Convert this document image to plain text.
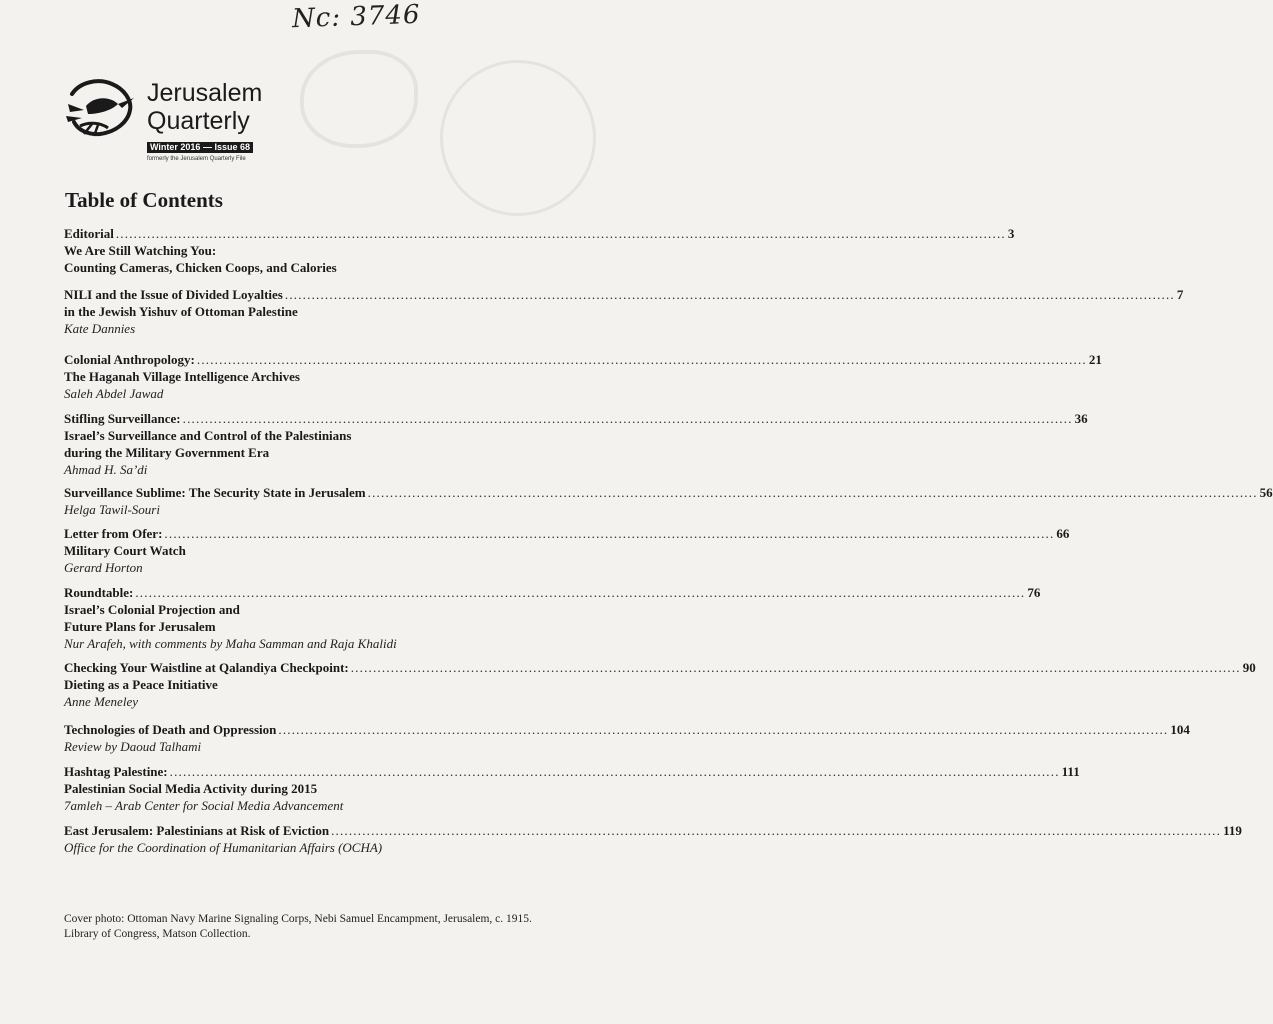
Nc: 3746
Jerusalem
Quarterly
Winter 2016 — Issue 68
formerly the Jerusalem Quarterly File
Table of Contents
Editorial ........................................................................................................................................................................................................ 3
We Are Still Watching You:
Counting Cameras, Chicken Coops, and Calories
NILI and the Issue of Divided Loyalties ........................................................................................................................................................................................................ 7
in the Jewish Yishuv of Ottoman Palestine
Kate Dannies
Colonial Anthropology: ........................................................................................................................................................................................................ 21
The Haganah Village Intelligence Archives
Saleh Abdel Jawad
Stifling Surveillance: ........................................................................................................................................................................................................ 36
Israel’s Surveillance and Control of the Palestinians
during the Military Government Era
Ahmad H. Sa’di
Surveillance Sublime: The Security State in Jerusalem ........................................................................................................................................................................................................ 56
Helga Tawil-Souri
Letter from Ofer: ........................................................................................................................................................................................................ 66
Military Court Watch
Gerard Horton
Roundtable: ........................................................................................................................................................................................................ 76
Israel’s Colonial Projection and
Future Plans for Jerusalem
Nur Arafeh, with comments by Maha Samman and Raja Khalidi
Checking Your Waistline at Qalandiya Checkpoint: ........................................................................................................................................................................................................ 90
Dieting as a Peace Initiative
Anne Meneley
Technologies of Death and Oppression ........................................................................................................................................................................................................ 104
Review by Daoud Talhami
Hashtag Palestine: ........................................................................................................................................................................................................ 111
Palestinian Social Media Activity during 2015
7amleh – Arab Center for Social Media Advancement
East Jerusalem: Palestinians at Risk of Eviction ........................................................................................................................................................................................................ 119
Office for the Coordination of Humanitarian Affairs (OCHA)
Cover photo: Ottoman Navy Marine Signaling Corps, Nebi Samuel Encampment, Jerusalem, c. 1915.
Library of Congress, Matson Collection.
